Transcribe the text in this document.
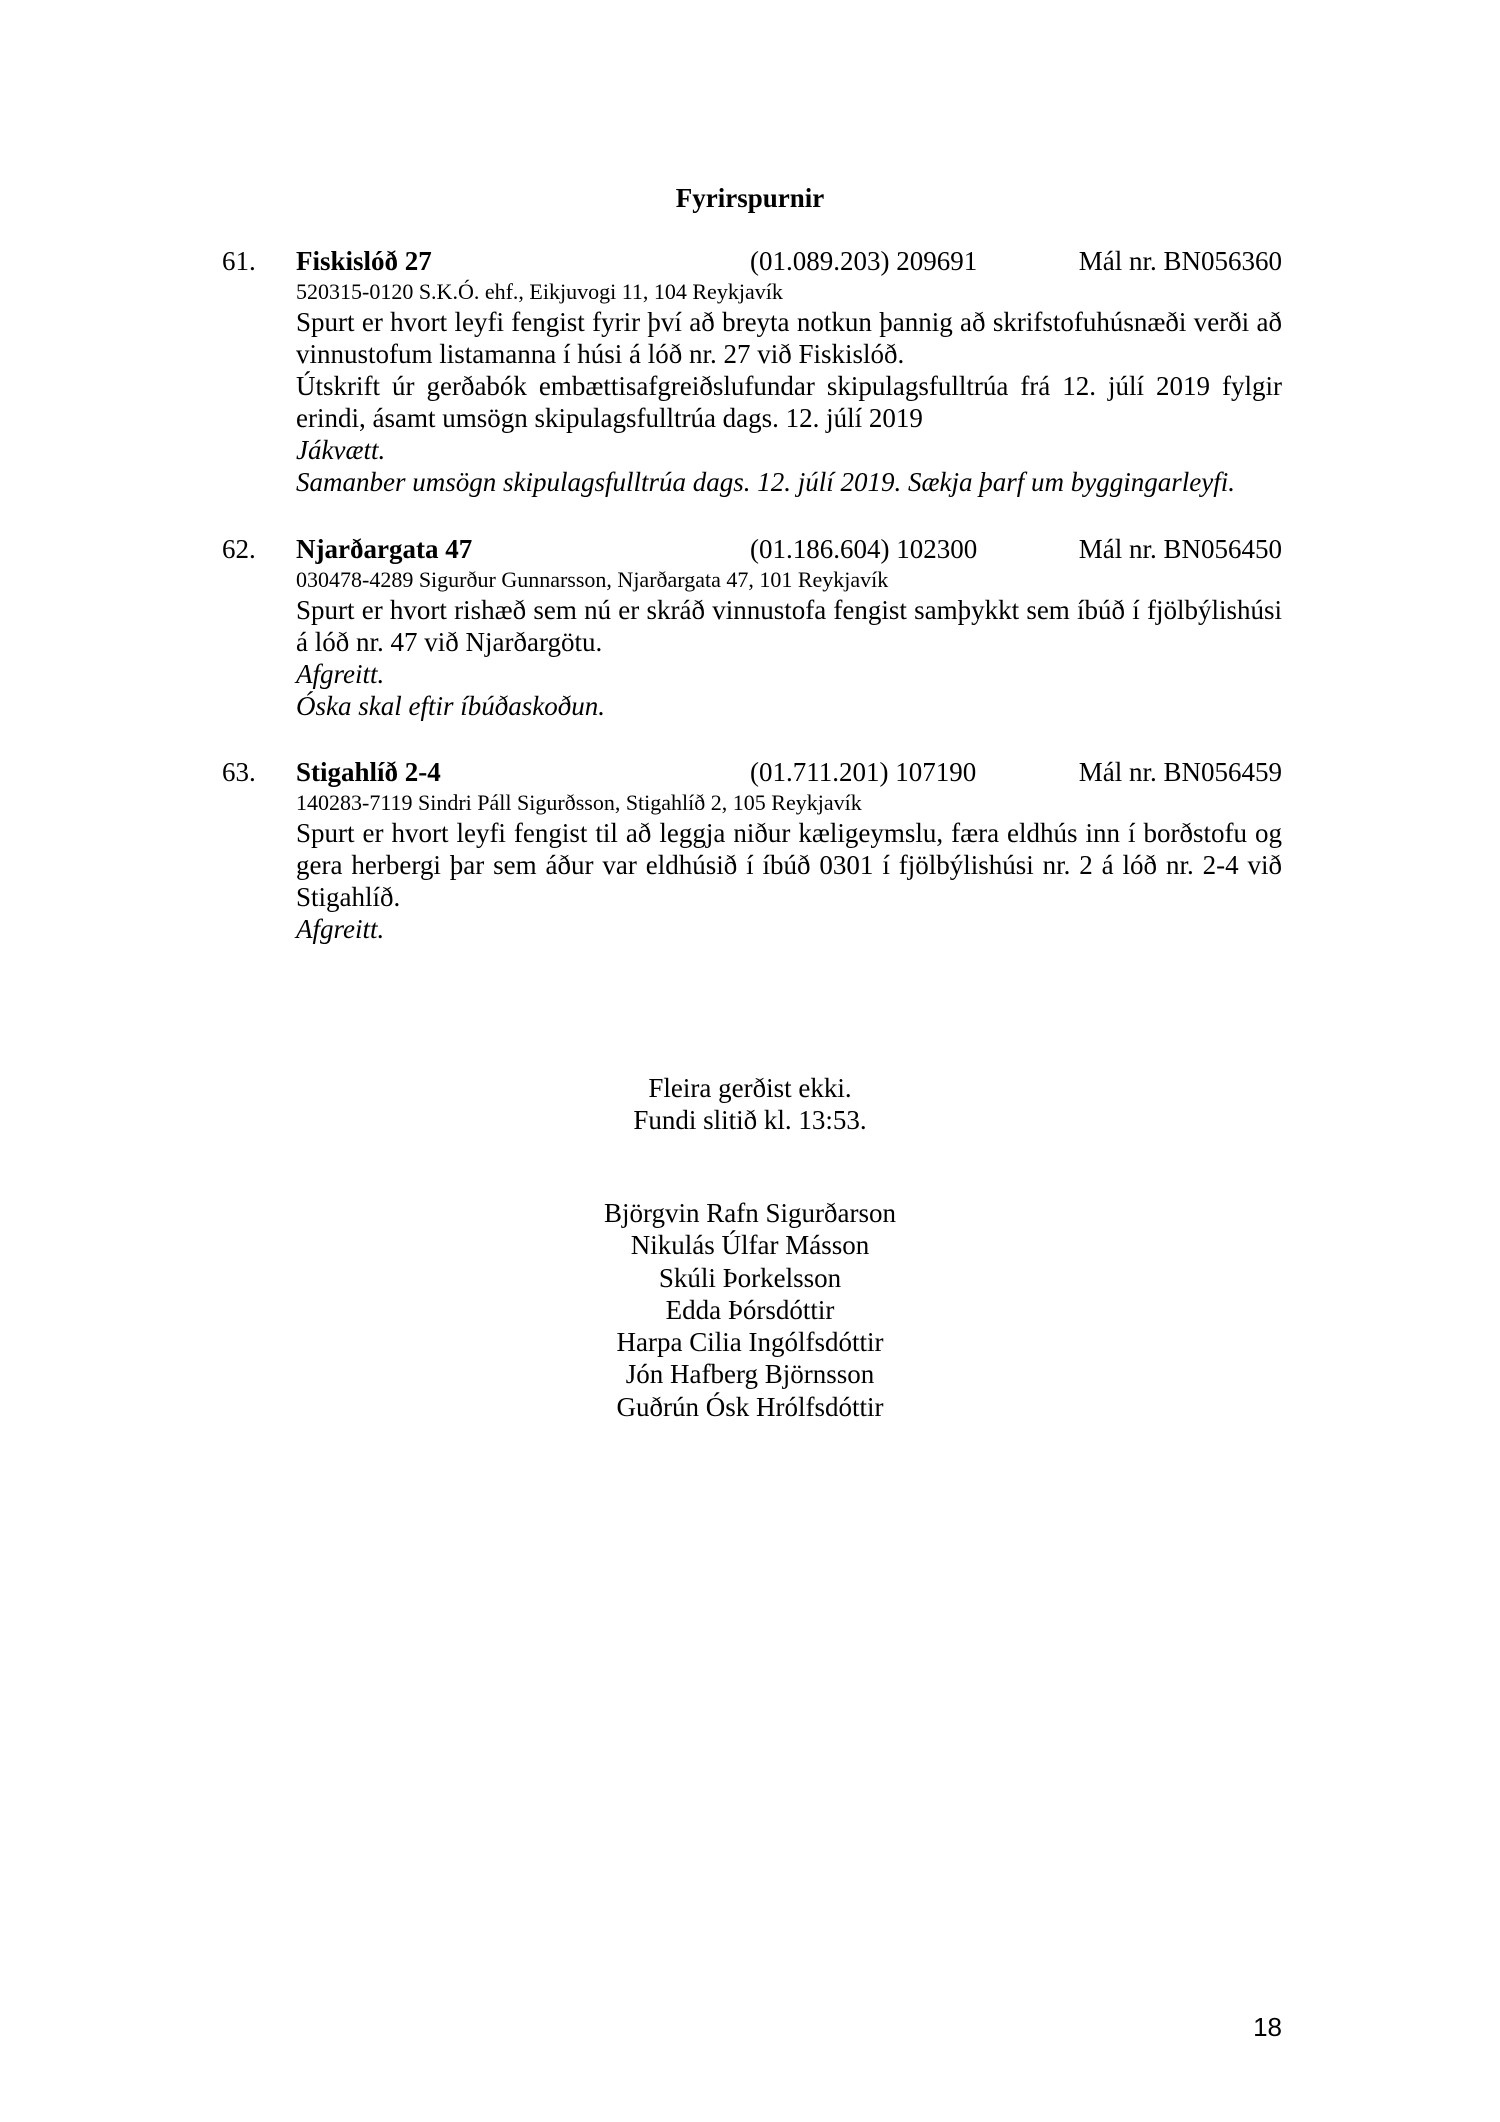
Fyrirspurnir
61. Fiskislóð 27	(01.089.203) 209691	Mál nr. BN056360
520315-0120 S.K.Ó. ehf., Eikjuvogi 11, 104 Reykjavík

Spurt er hvort leyfi fengist fyrir því að breyta notkun þannig að skrifstofuhúsnæði verði að vinnustofum listamanna í húsi á lóð nr. 27 við Fiskislóð.

Útskrift úr gerðabók embættisafgreiðslufundar skipulagsfulltrúa frá 12. júlí 2019 fylgir erindi, ásamt umsögn skipulagsfulltrúa dags. 12. júlí 2019

Jákvætt.

Samanber umsögn skipulagsfulltrúa dags. 12. júlí 2019. Sækja þarf um byggingarleyfi.

62. Njarðargata 47	(01.186.604) 102300	Mál nr. BN056450
030478-4289 Sigurður Gunnarsson, Njarðargata 47, 101 Reykjavík

Spurt er hvort rishæð sem nú er skráð vinnustofa fengist samþykkt sem íbúð í fjölbýlishúsi á lóð nr. 47 við Njarðargötu.

Afgreitt.

Óska skal eftir íbúðaskoðun.

63. Stigahlíð 2-4	(01.711.201) 107190	Mál nr. BN056459
140283-7119 Sindri Páll Sigurðsson, Stigahlíð 2, 105 Reykjavík

Spurt er hvort leyfi fengist til að leggja niður kæligeymslu, færa eldhús inn í borðstofu og gera herbergi þar sem áður var eldhúsið í íbúð 0301 í fjölbýlishúsi nr. 2 á lóð nr. 2-4 við Stigahlíð.

Afgreitt.

Fleira gerðist ekki.
Fundi slitið kl. 13:53.
Björgvin Rafn Sigurðarson
Nikulás Úlfar Másson
Skúli Þorkelsson
Edda Þórsdóttir
Harpa Cilia Ingólfsdóttir
Jón Hafberg Björnsson
Guðrún Ósk Hrólfsdóttir
18
